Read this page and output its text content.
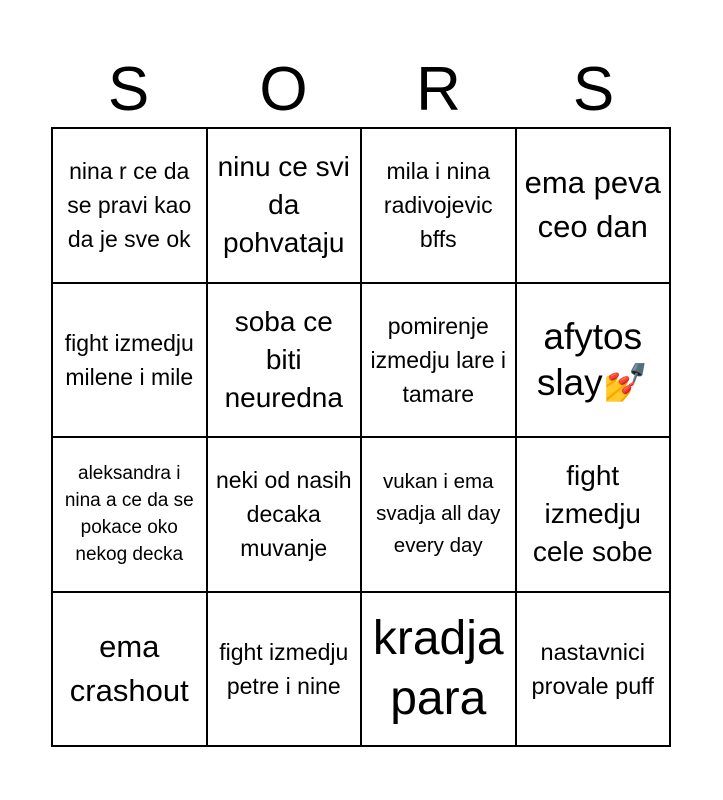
S	O	R	S
nina r ce da se pravi kao da je sve ok
ninu ce svi da pohvataju
mila i nina radivojevic bffs
ema peva ceo dan
fight izmedju milene i mile
soba ce biti neuredna
pomirenje izmedju lare i tamare
afytos slay💅
aleksandra i nina a ce da se pokace oko nekog decka
neki od nasih decaka muvanje
vukan i ema svadja all day every day
fight izmedju cele sobe
ema crashout
fight izmedju petre i nine
kradja para
nastavnici provale puff
